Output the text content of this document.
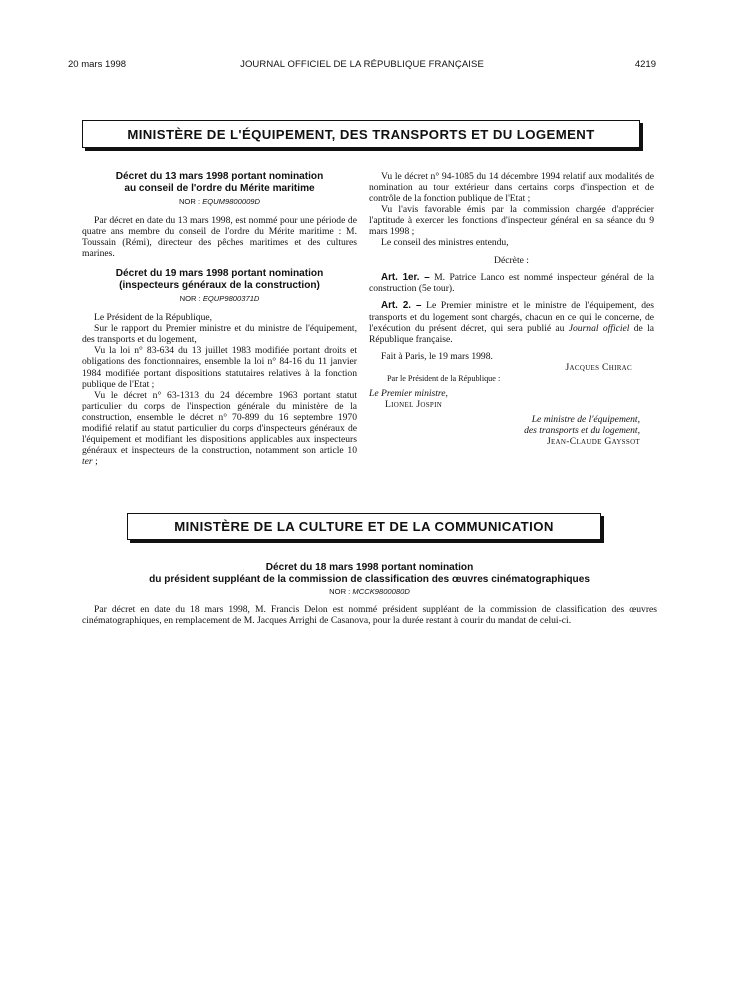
JOURNAL OFFICIEL DE LA RÉPUBLIQUE FRANÇAISE
20 mars 1998	4219
MINISTÈRE DE L'ÉQUIPEMENT, DES TRANSPORTS ET DU LOGEMENT
Décret du 13 mars 1998 portant nomination
au conseil de l'ordre du Mérite maritime
NOR : EQUM9800009D

Par décret en date du 13 mars 1998, est nommé pour une période de quatre ans membre du conseil de l'ordre du Mérite maritime : M. Toussain (Rémi), directeur des pêches maritimes et des cultures marines.

Décret du 19 mars 1998 portant nomination
(inspecteurs généraux de la construction)
NOR : EQUP9800371D

Le Président de la République,

Sur le rapport du Premier ministre et du ministre de l'équipement, des transports et du logement,

Vu la loi n° 83-634 du 13 juillet 1983 modifiée portant droits et obligations des fonctionnaires, ensemble la loi n° 84-16 du 11 janvier 1984 modifiée portant dispositions statutaires relatives à la fonction publique de l'Etat ;

Vu le décret n° 63-1313 du 24 décembre 1963 portant statut particulier du corps de l'inspection générale du ministère de la construction, ensemble le décret n° 70-899 du 16 septembre 1970 modifié relatif au statut particulier du corps d'inspecteurs généraux de l'équipement et modifiant les dispositions applicables aux inspecteurs généraux et inspecteurs de la construction, notamment son article 10 ter ;

Vu le décret n° 94-1085 du 14 décembre 1994 relatif aux modalités de nomination au tour extérieur dans certains corps d'inspection et de contrôle de la fonction publique de l'Etat ;

Vu l'avis favorable émis par la commission chargée d'apprécier l'aptitude à exercer les fonctions d'inspecteur général en sa séance du 9 mars 1998 ;

Le conseil des ministres entendu,

Décrète :

Art. 1er. – M. Patrice Lanco est nommé inspecteur général de la construction (5e tour).

Art. 2. – Le Premier ministre et le ministre de l'équipement, des transports et du logement sont chargés, chacun en ce qui le concerne, de l'exécution du présent décret, qui sera publié au Journal officiel de la République française.

Fait à Paris, le 19 mars 1998.

Jacques Chirac

Par le Président de la République :

Le Premier ministre,

Lionel Jospin

Le ministre de l'équipement,

des transports et du logement,

Jean-Claude Gayssot

MINISTÈRE DE LA CULTURE ET DE LA COMMUNICATION
Décret du 18 mars 1998 portant nomination
du président suppléant de la commission de classification des œuvres cinématographiques
NOR : MCCK9800080D

Par décret en date du 18 mars 1998, M. Francis Delon est nommé président suppléant de la commission de classification des œuvres cinématographiques, en remplacement de M. Jacques Arrighi de Casanova, pour la durée restant à courir du mandat de celui-ci.
